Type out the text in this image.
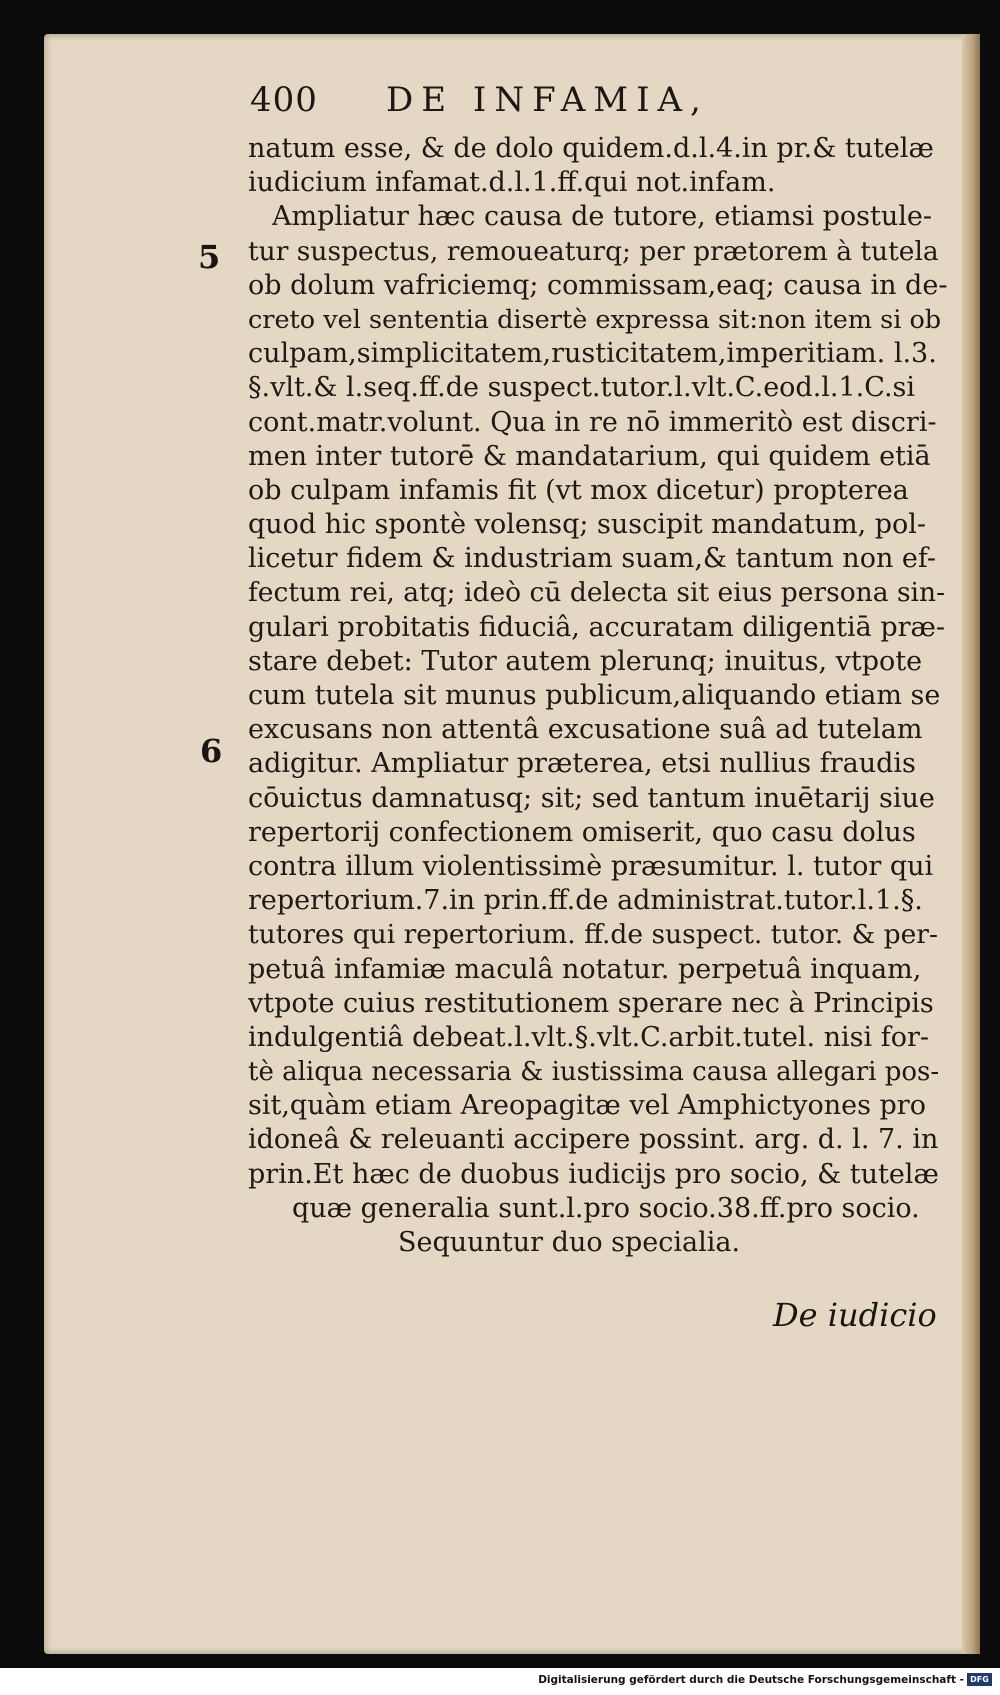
400 DE INFAMIA,
5
6
natum esse, & de dolo quidem.d.l.4.in pr.& tutelæ
iudicium infamat.d.l.1.ff.qui not.infam.
Ampliatur hæc causa de tutore, etiamsi postule-
tur suspectus, remoueaturq; per prætorem à tutela
ob dolum vafriciemq; commissam,eaq; causa in de-
creto vel sententia disertè expressa sit:non item si ob
culpam,simplicitatem,rusticitatem,imperitiam. l.3.
§.vlt.& l.seq.ff.de suspect.tutor.l.vlt.C.eod.l.1.C.si
cont.matr.volunt. Qua in re nō immeritò est discri-
men inter tutorē & mandatarium, qui quidem etiā
ob culpam infamis fit (vt mox dicetur) propterea
quod hic spontè volensq; suscipit mandatum, pol-
licetur fidem & industriam suam,& tantum non ef-
fectum rei, atq; ideò cū delecta sit eius persona sin-
gulari probitatis fiduciâ, accuratam diligentiā præ-
stare debet: Tutor autem plerunq; inuitus, vtpote
cum tutela sit munus publicum,aliquando etiam se
excusans non attentâ excusatione suâ ad tutelam
adigitur. Ampliatur præterea, etsi nullius fraudis
cōuictus damnatusq; sit; sed tantum inuētarij siue
repertorij confectionem omiserit, quo casu dolus
contra illum violentissimè præsumitur. l. tutor qui
repertorium.7.in prin.ff.de administrat.tutor.l.1.§.
tutores qui repertorium. ff.de suspect. tutor. & per-
petuâ infamiæ maculâ notatur. perpetuâ inquam,
vtpote cuius restitutionem sperare nec à Principis
indulgentiâ debeat.l.vlt.§.vlt.C.arbit.tutel. nisi for-
tè aliqua necessaria & iustissima causa allegari pos-
sit,quàm etiam Areopagitæ vel Amphictyones pro
idoneâ & releuanti accipere possint. arg. d. l. 7. in
prin.Et hæc de duobus iudicijs pro socio, & tutelæ
quæ generalia sunt.l.pro socio.38.ff.pro socio.
Sequuntur duo specialia.
De iudicio
Digitalisierung gefördert durch die Deutsche Forschungsgemeinschaft - DFG
